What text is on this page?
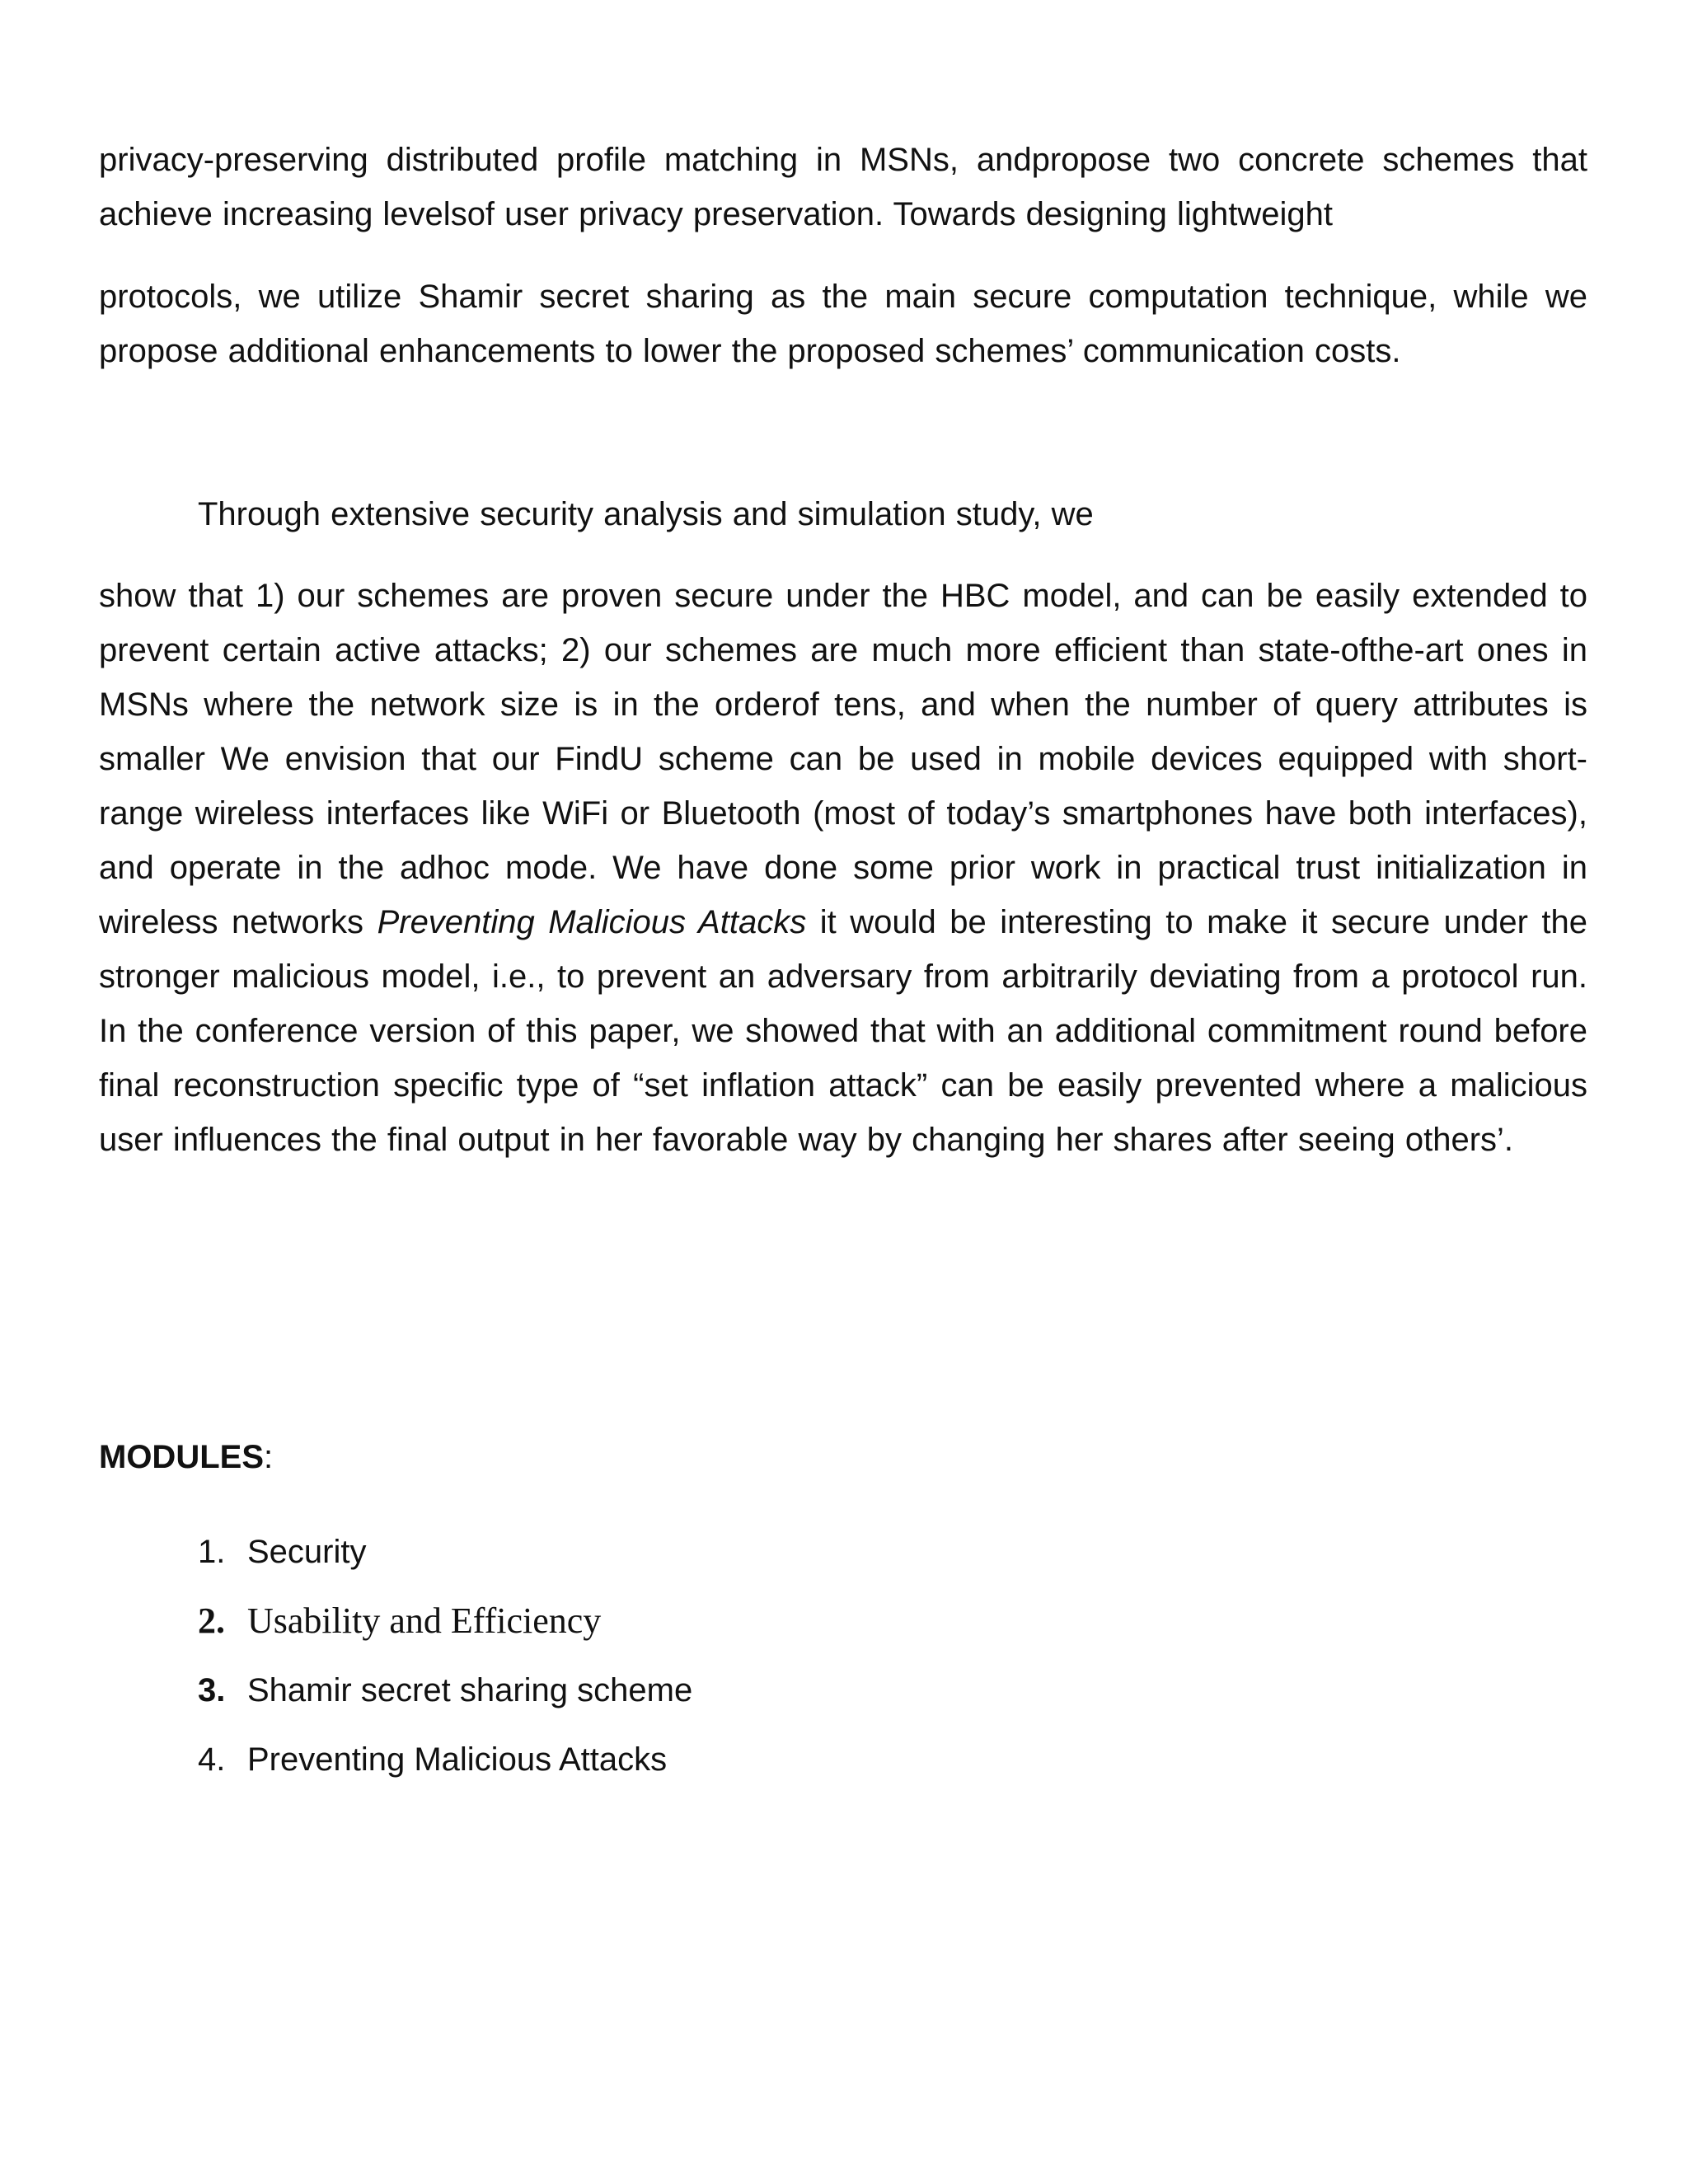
privacy-preserving distributed profile matching in MSNs, andpropose two concrete schemes that achieve increasing levelsof user privacy preservation. Towards designing lightweight

protocols, we utilize Shamir secret sharing as the main secure computation technique, while we propose additional enhancements to lower the proposed schemes’ communication costs.

Through extensive security analysis and simulation study, we

show that 1) our schemes are proven secure under the HBC model, and can be easily extended to prevent certain active attacks; 2) our schemes are much more efficient than state-ofthe-art ones in MSNs where the network size is in the orderof tens, and when the number of query attributes is smaller We envision that our FindU scheme can be used in mobile devices equipped with short-range wireless interfaces like WiFi or Bluetooth (most of today’s smartphones have both interfaces), and operate in the adhoc mode. We have done some prior work in practical trust initialization in wireless networks Preventing Malicious Attacks it would be interesting to make it secure under the stronger malicious model, i.e., to prevent an adversary from arbitrarily deviating from a protocol run. In the conference version of this paper, we showed that with an additional commitment round before final reconstruction specific type of “set inflation attack” can be easily prevented where a malicious user influences the final output in her favorable way by changing her shares after seeing others’.

MODULES:

1. Security
2. Usability and Efficiency
3. Shamir secret sharing scheme
4. Preventing Malicious Attacks
